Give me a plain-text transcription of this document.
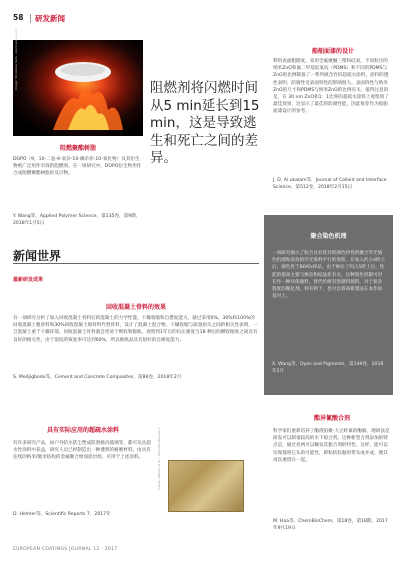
58 研发新闻
Image: Shirokova Vera - stock.adobe.com	阻燃剂将闪燃时间从5 min延长到15 min，这是导致逃生和死亡之间的差异。
阻燃聚酯树脂
DOPO（9，10-二氢-9-氧杂-10-磷杂菲-10-氧化物）及其衍生物被广泛用作有效的阻燃剂。在一项研究中，DOPO衍生物用作合成阻燃聚酯树脂的反应物。
Y. Wang等，Applied Polymer Science，第135卷，第9期，2018年1月5日
船舶面漆的设计
利用表面粗糙度、采用全氟聚醚三羧和硅氧，不同粒径的纳米ZnO和氟二甲基硅氧烷（PDMS）和不同的PDMS与ZnO的比例制备了一系列被含有机超疏水涂料，涂料的透性表明，防腐性受表面特性的影响很大。表面特性与纳米ZnO的尺寸和PDMS与纳米ZnO的比例有关，值得注意的是，在 30 nm ZnO和1：1比率的超疏水涂料上观察到了最佳效果，这显示了最佳的防腐性能，因此推荐作为船舶面漆设计的参考。
J. D. Ai ukalam等，Journal of Colloid and Interface Science，第512卷，2018年2月15日
聚合染色机理
一项研究揭示了粘合具有优异的颜色特性的聚合荧光染色机理和高效的荧光染料平行的进程，在加入约占4阶土后，颜色优于BIVO₄样品，由于掺杂了约占1阶土后，性能的提高主要与掺杂和结晶化有关，这种染色机制可对在作一种环保颜料，替代传统有害颜料颜料，对于复杂程度的聚化剂，特有利于，也可以将该新想法在本作添基对上。
X. Wang等，Dyes and Pigments，第149卷，2018年2月
新闻世界
最新研发成果
回收混凝土骨料的效果
有一项研究分析了加入回收混凝土骨料后的混凝土的力学性能、干燥收缩和自愈复能力。通过采用0%、30%和100%的回收混凝土粗骨料和30%回收混凝土细骨料代替骨料，设计了混凝土混合物。干燥收缩与质量损失之间的相关性表明，一旦混凝土重于干燥环境，回收混凝土骨料就会更易于吸收和膨胀。观察到1年后的抗压强度与18 种后的横收缩度之间具有良好的相关性，由于裂纹的恢复率可达到60%，所以被纸品具有很好的自修复能力。
S. Medjigbodo等，Cement and Concrete Composites，第86卷，2018年2月
具有实际应用的超疏水涂料
有许多研究产品，如户外防水防尘塑成防窗格闪玻璃等，都可从具超水性涂料中获益，研究人员已经制造出一种透明的耐磨材料。由具有连续的纳米/微米结构的金属聚合物而涂层组，可用于上述涂料。
D. Helmer等，Scientific Reports 7，2017年
Image: Helmer et al. / Scientific Reports 7
酯异氰酸合剂
科学家们重新培养了酶渣铂聚-大豆纤素的酶解，理研法是研发可以制备较高的水下稳合剂。这种新型合剂添加的特点是，通过亮两可以触发其黏合剂的特性。这样，能可以实现都将它头的可能性，即粘结胶黏的带头成并成，便其再次重错在一起。
M. Haa等，ChemBioChem，第18卷，第18期，2017年9月19日
EUROPEAN COATINGS JOURNAL 12 · 2017
